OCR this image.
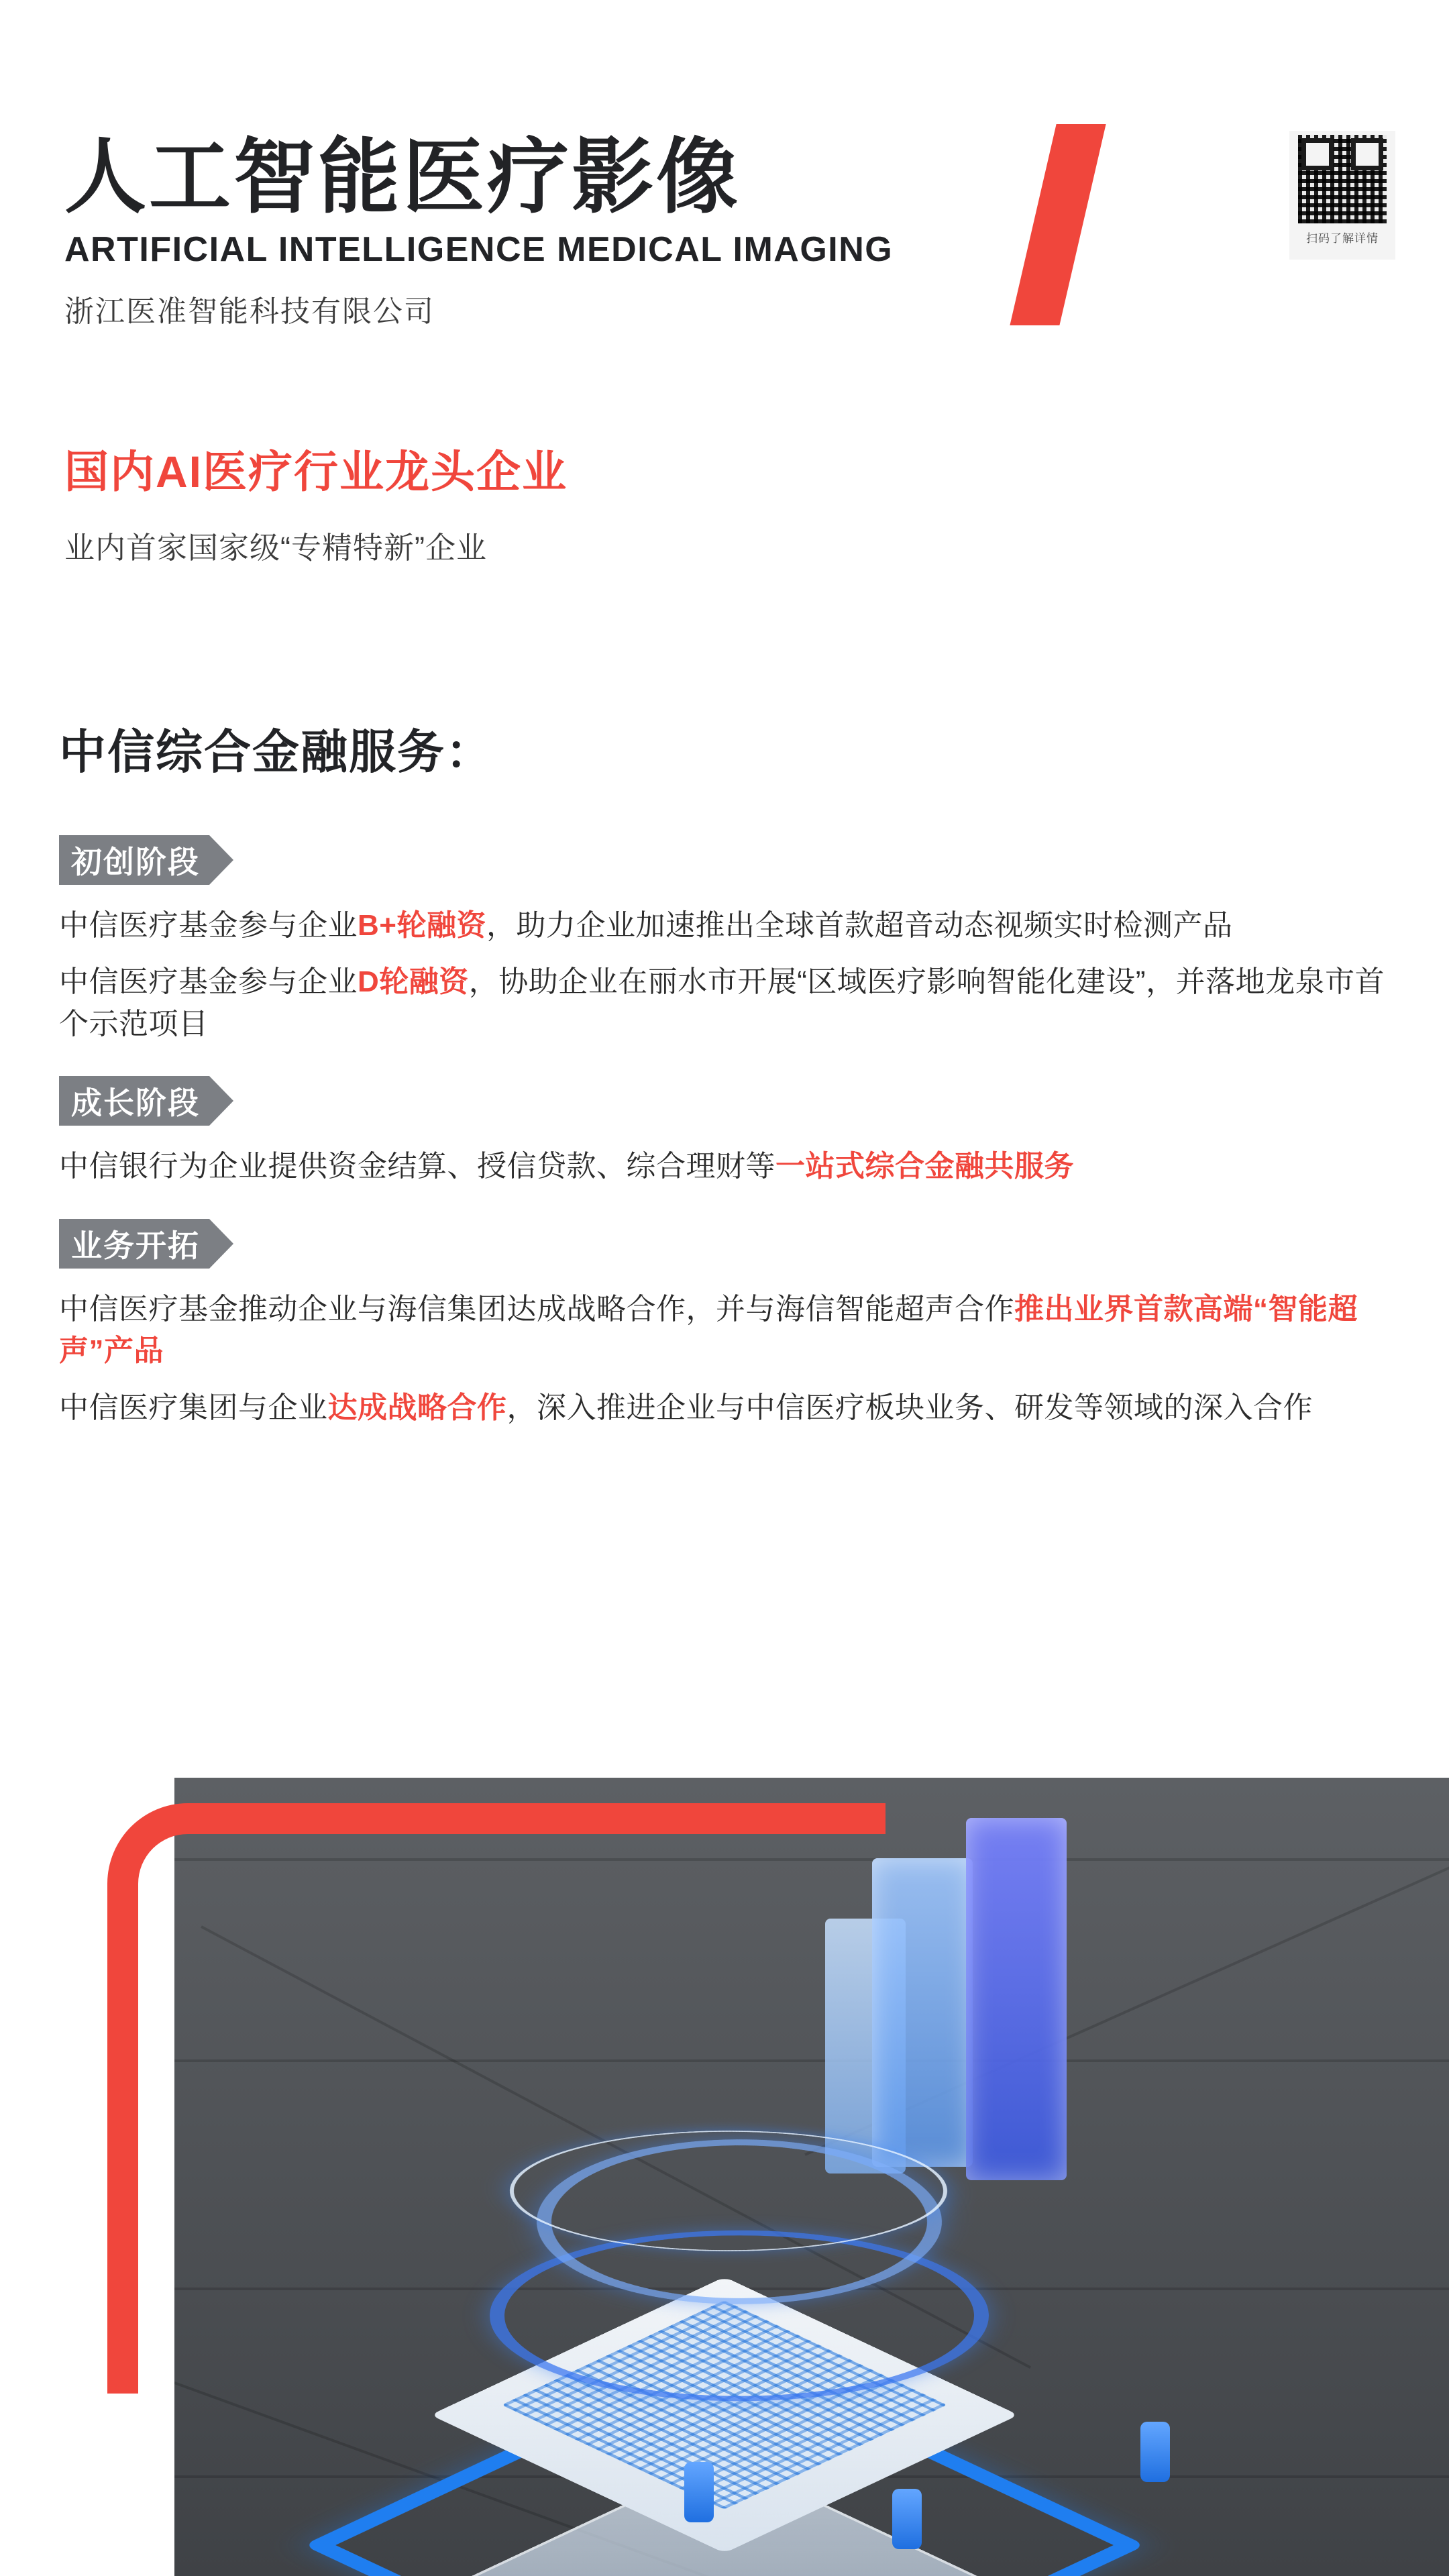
人工智能医疗影像
ARTIFICIAL INTELLIGENCE MEDICAL IMAGING
浙江医准智能科技有限公司
扫码了解详情
国内AI医疗行业龙头企业
业内首家国家级“专精特新”企业
中信综合金融服务：
初创阶段

中信医疗基金参与企业B+轮融资，助力企业加速推出全球首款超音动态视频实时检测产品

中信医疗基金参与企业D轮融资，协助企业在丽水市开展“区域医疗影响智能化建设”，并落地龙泉市首个示范项目

成长阶段

中信银行为企业提供资金结算、授信贷款、综合理财等一站式综合金融共服务

业务开拓

中信医疗基金推动企业与海信集团达成战略合作，并与海信智能超声合作推出业界首款高端“智能超声”产品

中信医疗集团与企业达成战略合作，深入推进企业与中信医疗板块业务、研发等领域的深入合作
